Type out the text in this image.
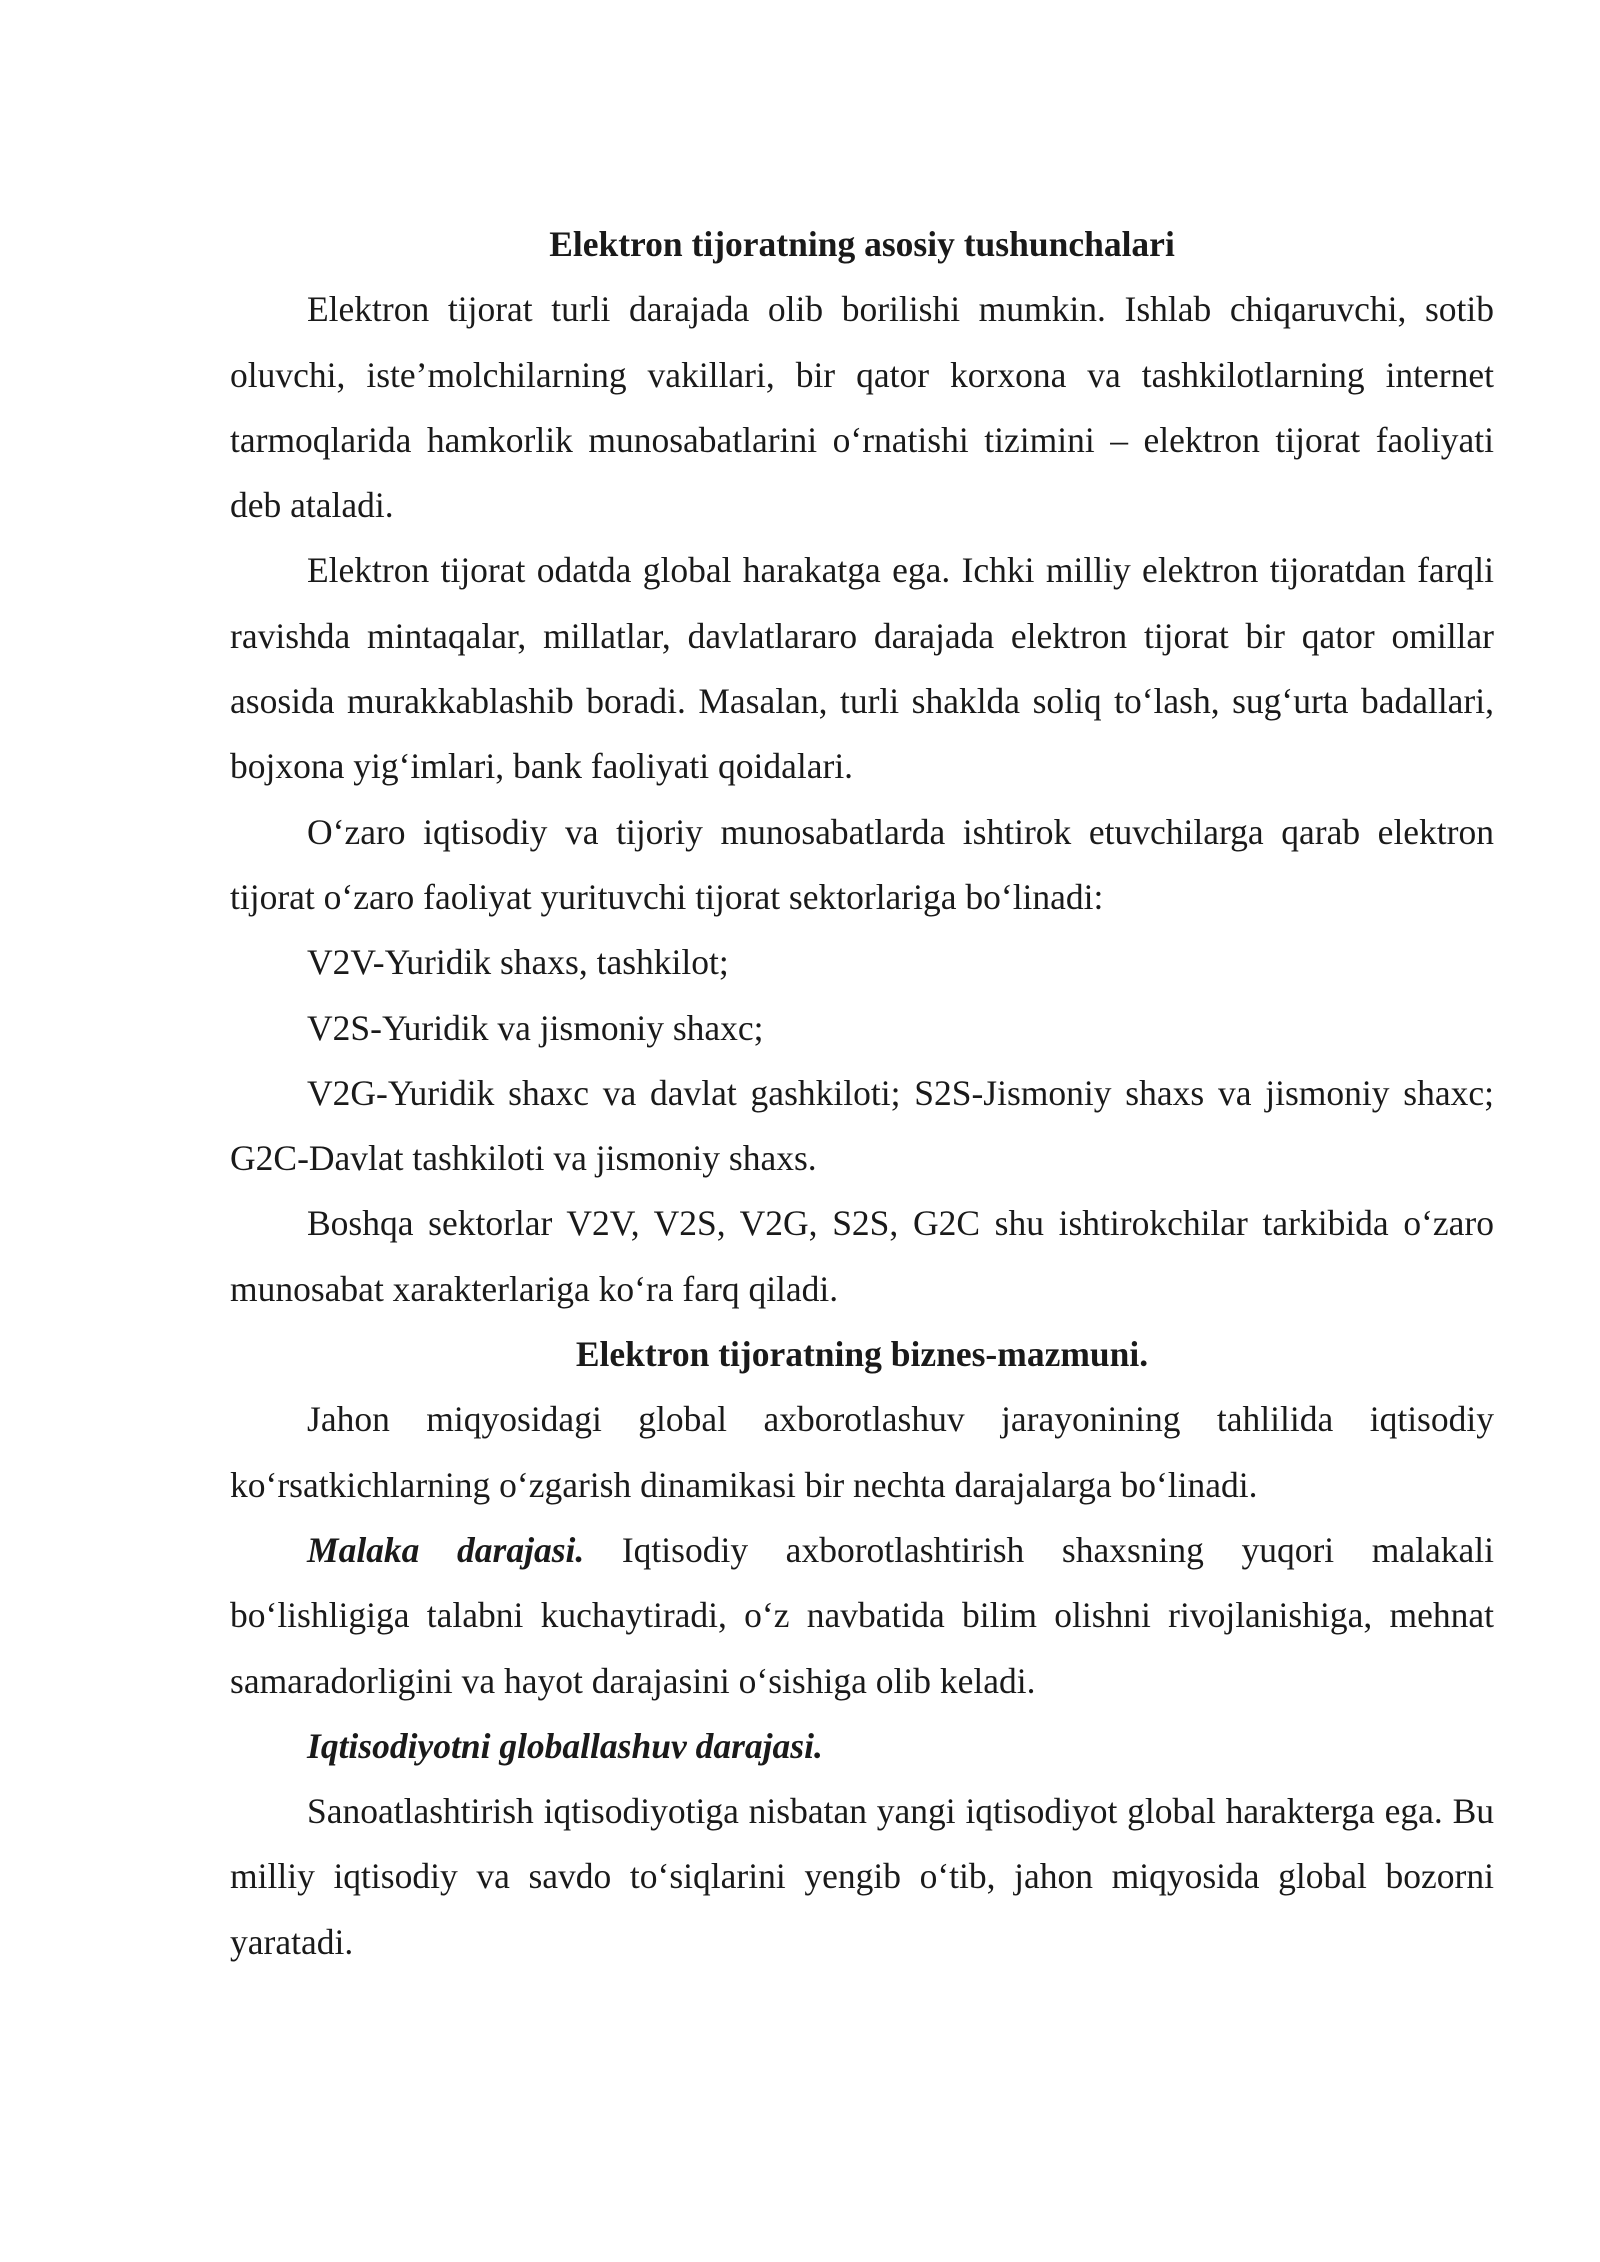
Elektron tijoratning asosiy tushunchalari

Elektron tijorat turli darajada olib borilishi mumkin. Ishlab chiqaruvchi, sotib oluvchi, iste’molchilarning vakillari, bir qator korxona va tashkilotlarning internet tarmoqlarida hamkorlik munosabatlarini o‘rnatishi tizimini – elektron tijorat faoliyati deb ataladi.

Elektron tijorat odatda global harakatga ega. Ichki milliy elektron tijoratdan farqli ravishda mintaqalar, millatlar, davlatlararo darajada elektron tijorat bir qator omillar asosida murakkablashib boradi. Masalan, turli shaklda soliq to‘lash, sug‘urta badallari, bojxona yig‘imlari, bank faoliyati qoidalari.

O‘zaro iqtisodiy va tijoriy munosabatlarda ishtirok etuvchilarga qarab elektron tijorat o‘zaro faoliyat yurituvchi tijorat sektorlariga bo‘linadi:

V2V-Yuridik shaxs, tashkilot;

V2S-Yuridik va jismoniy shaxc;

V2G-Yuridik shaxc va davlat gashkiloti; S2S-Jismoniy shaxs va jismoniy shaxc; G2C-Davlat tashkiloti va jismoniy shaxs.

Boshqa sektorlar V2V, V2S, V2G, S2S, G2C shu ishtirokchilar tarkibida o‘zaro munosabat xarakterlariga ko‘ra farq qiladi.

Elektron tijoratning biznes-mazmuni.

Jahon miqyosidagi global axborotlashuv jarayonining tahlilida iqtisodiy ko‘rsatkichlarning o‘zgarish dinamikasi bir nechta darajalarga bo‘linadi.

Malaka darajasi. Iqtisodiy axborotlashtirish shaxsning yuqori malakali bo‘lishligiga talabni kuchaytiradi, o‘z navbatida bilim olishni rivojlanishiga, mehnat samaradorligini va hayot darajasini o‘sishiga olib keladi.

Iqtisodiyotni globallashuv darajasi.

Sanoatlashtirish iqtisodiyotiga nisbatan yangi iqtisodiyot global harakterga ega. Bu milliy iqtisodiy va savdo to‘siqlarini yengib o‘tib, jahon miqyosida global bozorni yaratadi.
